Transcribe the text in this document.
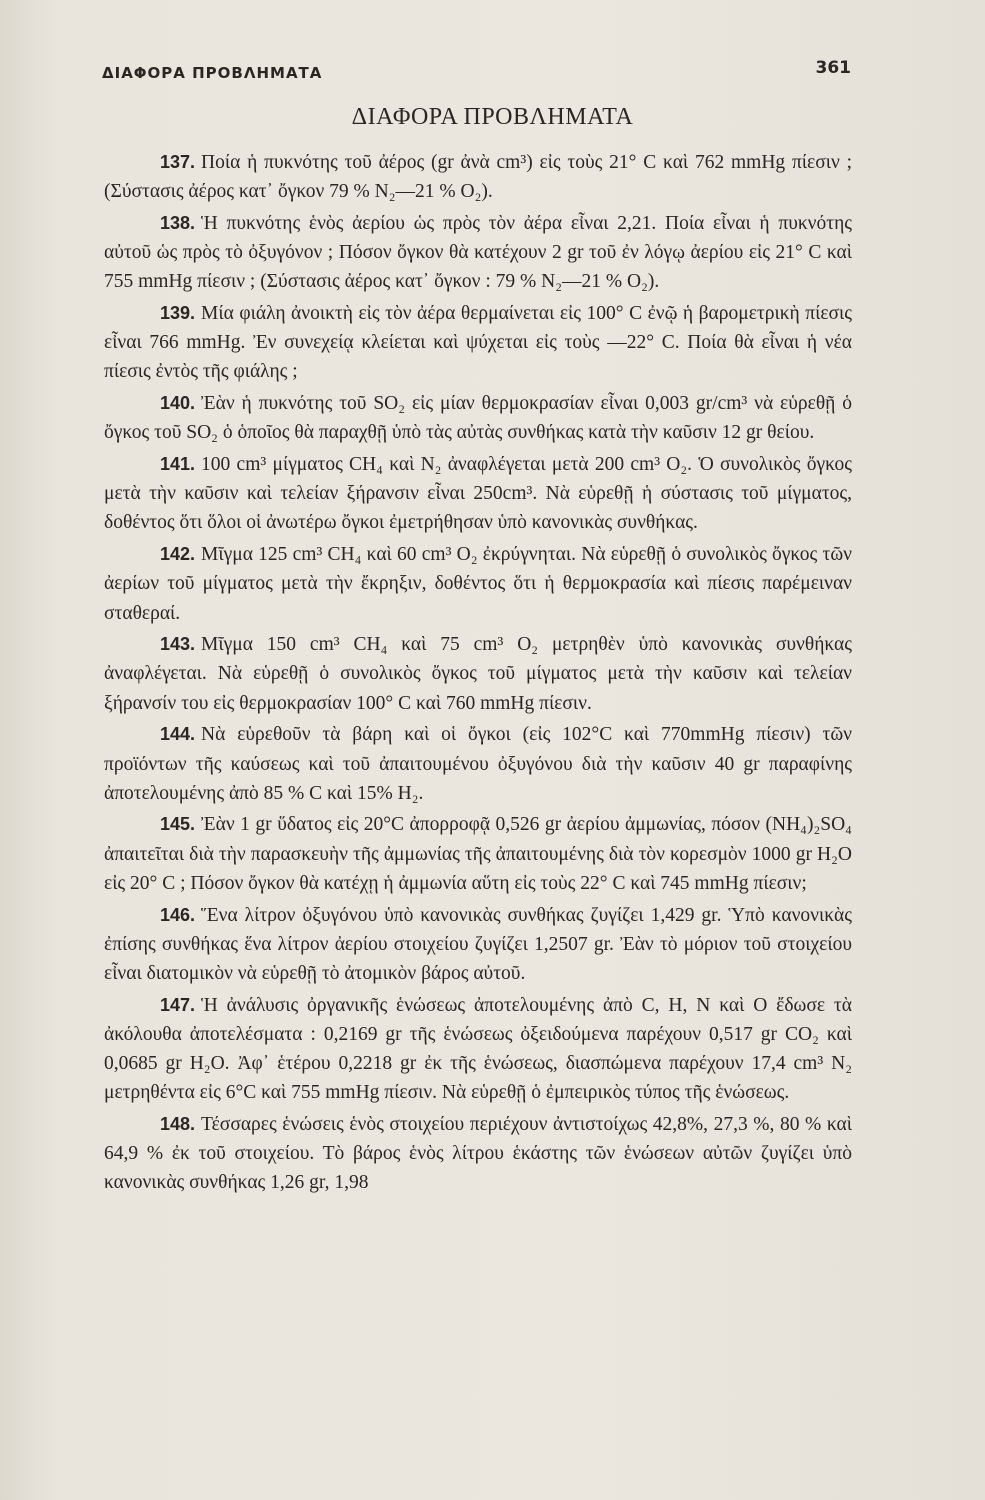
ΔΙΑΦΟΡΑ ΠΡΟΒΛΗΜΑΤΑ	361
ΔΙΑΦΟΡΑ ΠΡΟΒΛΗΜΑΤΑ

137. Ποία ἡ πυκνότης τοῦ ἀέρος (gr ἀνὰ cm³) εἰς τοὺς 21° C καὶ 762 mmHg πίεσιν ; (Σύστασις ἀέρος κατ᾽ ὄγκον 79 % N₂—21 % O₂).

138. Ἡ πυκνότης ἑνὸς ἀερίου ὡς πρὸς τὸν ἀέρα εἶναι 2,21. Ποία εἶναι ἡ πυκνότης αὐτοῦ ὡς πρὸς τὸ ὀξυγόνον ; Πόσον ὄγκον θὰ κατέχουν 2 gr τοῦ ἐν λόγῳ ἀερίου εἰς 21° C καὶ 755 mmHg πίεσιν ; (Σύστασις ἀέρος κατ᾽ ὄγκον : 79 % N₂—21 % O₂).

139. Μία φιάλη ἀνοικτὴ εἰς τὸν ἀέρα θερμαίνεται εἰς 100° C ἐνῷ ἡ βαρομετρικὴ πίεσις εἶναι 766 mmHg. Ἐν συνεχείᾳ κλείεται καὶ ψύχεται εἰς τοὺς —22° C. Ποία θὰ εἶναι ἡ νέα πίεσις ἐντὸς τῆς φιάλης ;

140. Ἐὰν ἡ πυκνότης τοῦ SO₂ εἰς μίαν θερμοκρασίαν εἶναι 0,003 gr/cm³ νὰ εὑρεθῇ ὁ ὄγκος τοῦ SO₂ ὁ ὁποῖος θὰ παραχθῇ ὑπὸ τὰς αὐτὰς συνθήκας κατὰ τὴν καῦσιν 12 gr θείου.

141. 100 cm³ μίγματος CH₄ καὶ N₂ ἀναφλέγεται μετὰ 200 cm³ O₂. Ὁ συνολικὸς ὄγκος μετὰ τὴν καῦσιν καὶ τελείαν ξήρανσιν εἶναι 250cm³. Νὰ εὑρεθῇ ἡ σύστασις τοῦ μίγματος, δοθέντος ὅτι ὅλοι οἱ ἀνωτέρω ὄγκοι ἐμετρήθησαν ὑπὸ κανονικὰς συνθήκας.

142. Μῖγμα 125 cm³ CH₄ καὶ 60 cm³ O₂ ἐκρύγνηται. Νὰ εὑρεθῇ ὁ συνολικὸς ὄγκος τῶν ἀερίων τοῦ μίγματος μετὰ τὴν ἔκρηξιν, δοθέντος ὅτι ἡ θερμοκρασία καὶ πίεσις παρέμειναν σταθεραί.

143. Μῖγμα 150 cm³ CH₄ καὶ 75 cm³ O₂ μετρηθὲν ὑπὸ κανονικὰς συνθήκας ἀναφλέγεται. Νὰ εὑρεθῇ ὁ συνολικὸς ὄγκος τοῦ μίγματος μετὰ τὴν καῦσιν καὶ τελείαν ξήρανσίν του εἰς θερμοκρασίαν 100° C καὶ 760 mmHg πίεσιν.

144. Νὰ εὑρεθοῦν τὰ βάρη καὶ οἱ ὄγκοι (εἰς 102°C καὶ 770mmHg πίεσιν) τῶν προϊόντων τῆς καύσεως καὶ τοῦ ἀπαιτουμένου ὀξυγόνου διὰ τὴν καῦσιν 40 gr παραφίνης ἀποτελουμένης ἀπὸ 85 % C καὶ 15% H₂.

145. Ἐὰν 1 gr ὕδατος εἰς 20°C ἀπορροφᾷ 0,526 gr ἀερίου ἀμμωνίας, πόσον (NH₄)₂SO₄ ἀπαιτεῖται διὰ τὴν παρασκευὴν τῆς ἀμμωνίας τῆς ἀπαιτουμένης διὰ τὸν κορεσμὸν 1000 gr H₂O εἰς 20° C ; Πόσον ὄγκον θὰ κατέχῃ ἡ ἀμμωνία αὕτη εἰς τοὺς 22° C καὶ 745 mmHg πίεσιν;

146. Ἕνα λίτρον ὀξυγόνου ὑπὸ κανονικὰς συνθήκας ζυγίζει 1,429 gr. Ὑπὸ κανονικὰς ἐπίσης συνθήκας ἕνα λίτρον ἀερίου στοιχείου ζυγίζει 1,2507 gr. Ἐὰν τὸ μόριον τοῦ στοιχείου εἶναι διατομικὸν νὰ εὑρεθῇ τὸ ἀτομικὸν βάρος αὐτοῦ.

147. Ἡ ἀνάλυσις ὀργανικῆς ἑνώσεως ἀποτελουμένης ἀπὸ C, H, N καὶ O ἔδωσε τὰ ἀκόλουθα ἀποτελέσματα : 0,2169 gr τῆς ἑνώσεως ὀξειδούμενα παρέχουν 0,517 gr CO₂ καὶ 0,0685 gr H₂O. Ἀφ᾽ ἑτέρου 0,2218 gr ἐκ τῆς ἑνώσεως, διασπώμενα παρέχουν 17,4 cm³ N₂ μετρηθέντα εἰς 6°C καὶ 755 mmHg πίεσιν. Νὰ εὑρεθῇ ὁ ἐμπειρικὸς τύπος τῆς ἑνώσεως.

148. Τέσσαρες ἑνώσεις ἑνὸς στοιχείου περιέχουν ἀντιστοίχως 42,8%, 27,3 %, 80 % καὶ 64,9 % ἐκ τοῦ στοιχείου. Τὸ βάρος ἑνὸς λίτρου ἑκάστης τῶν ἑνώσεων αὐτῶν ζυγίζει ὑπὸ κανονικὰς συνθήκας 1,26 gr, 1,98
